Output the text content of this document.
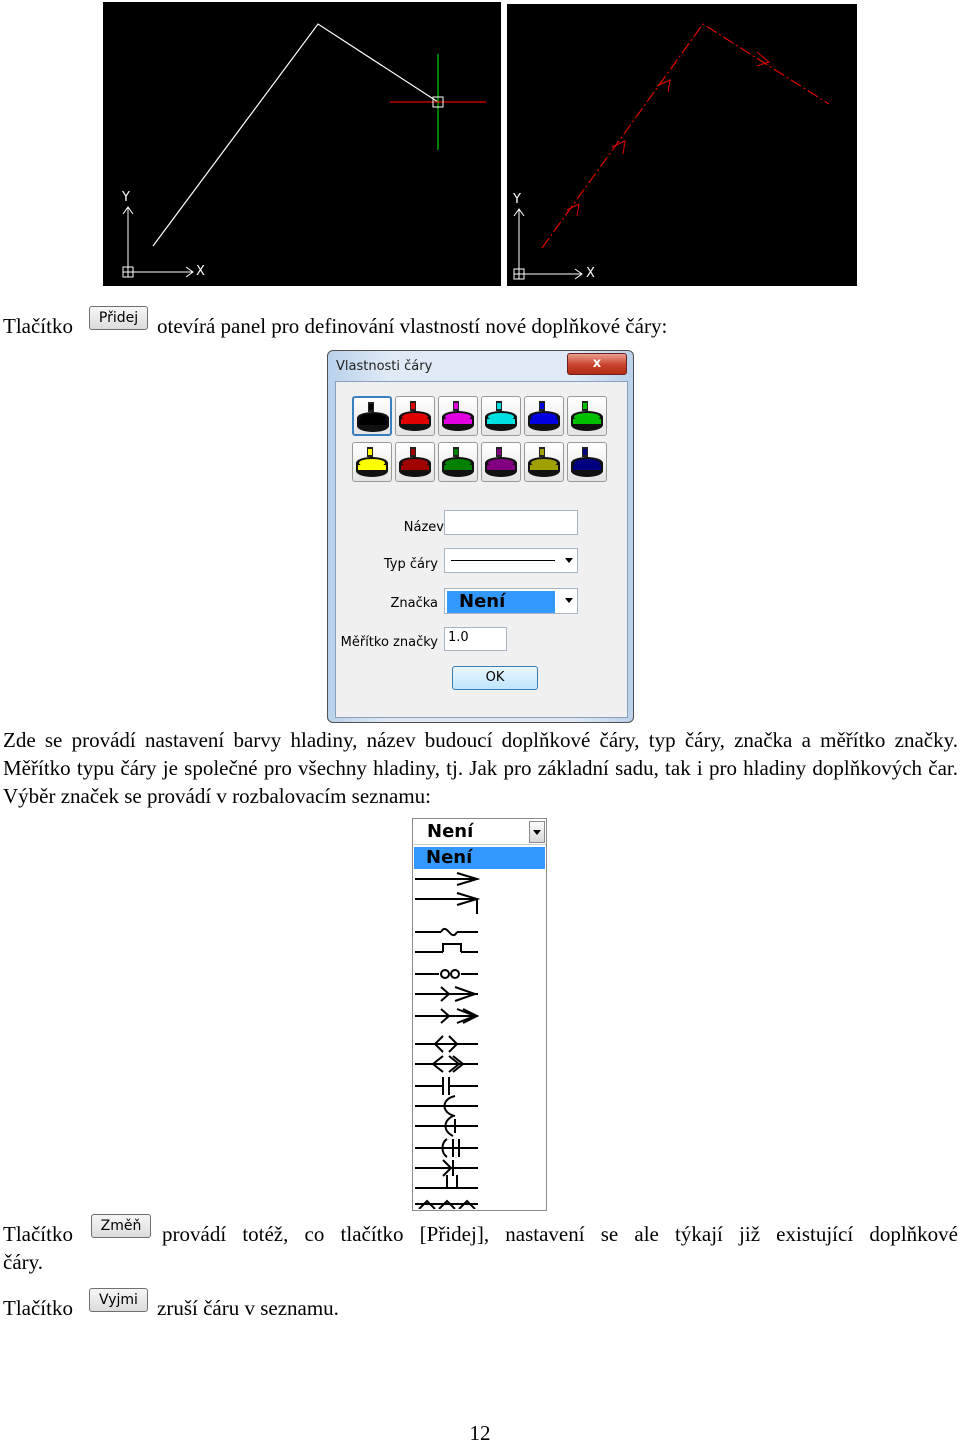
Y
X
Y
X
Tlačítko	Přidej otevírá panel pro definování vlastností nové doplňkové čáry:
Vlastnosti čáry	x
Název
Typ čáry
Značka	Není
Měřítko značky 1.0
OK
Zde se provádí nastavení barvy hladiny, název budoucí doplňkové čáry, typ čáry, značka a měřítko značky. Měřítko typu čáry je společné pro všechny hladiny, tj. Jak pro základní sadu, tak i pro hladiny doplňkových čar. Výběr značek se provádí v rozbalovacím seznamu:
Není
Není
Tlačítko	Změň provádí totéž, co tlačítko [Přidej], nastavení se ale týkají již existující doplňkové
čáry.
Tlačítko	Vyjmi zruší čáru v seznamu.
12
